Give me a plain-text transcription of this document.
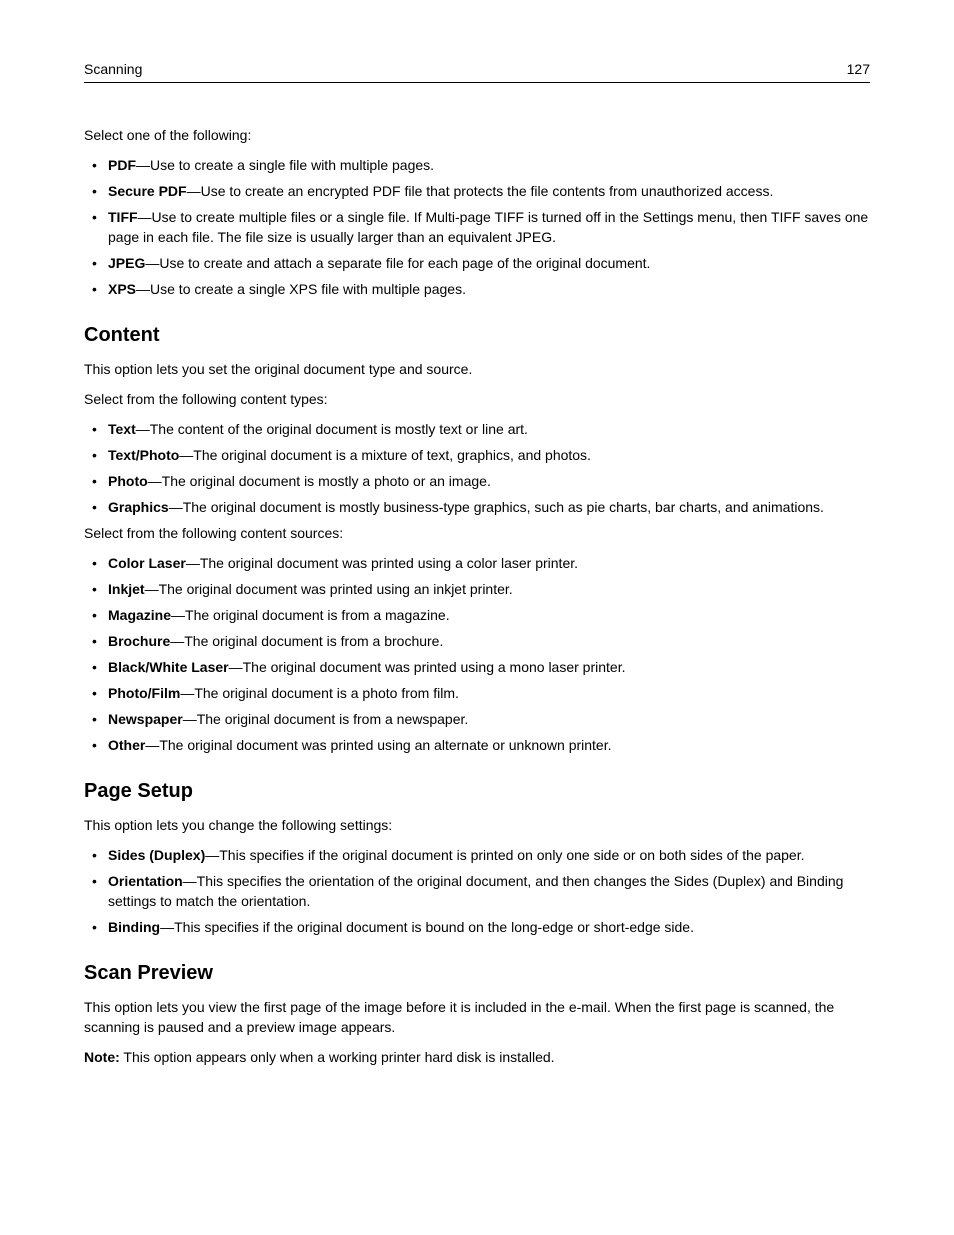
Scanning	127

Select one of the following:

• PDF—Use to create a single file with multiple pages.
• Secure PDF—Use to create an encrypted PDF file that protects the file contents from unauthorized access.
• TIFF—Use to create multiple files or a single file. If Multi-page TIFF is turned off in the Settings menu, then TIFF saves one page in each file. The file size is usually larger than an equivalent JPEG.
• JPEG—Use to create and attach a separate file for each page of the original document.
• XPS—Use to create a single XPS file with multiple pages.
Content

This option lets you set the original document type and source.

Select from the following content types:

• Text—The content of the original document is mostly text or line art.
• Text/Photo—The original document is a mixture of text, graphics, and photos.
• Photo—The original document is mostly a photo or an image.
• Graphics—The original document is mostly business-type graphics, such as pie charts, bar charts, and animations.

Select from the following content sources:

• Color Laser—The original document was printed using a color laser printer.
• Inkjet—The original document was printed using an inkjet printer.
• Magazine—The original document is from a magazine.
• Brochure—The original document is from a brochure.
• Black/White Laser—The original document was printed using a mono laser printer.
• Photo/Film—The original document is a photo from film.
• Newspaper—The original document is from a newspaper.
• Other—The original document was printed using an alternate or unknown printer.
Page Setup

This option lets you change the following settings:

• Sides (Duplex)—This specifies if the original document is printed on only one side or on both sides of the paper.
• Orientation—This specifies the orientation of the original document, and then changes the Sides (Duplex) and Binding settings to match the orientation.
• Binding—This specifies if the original document is bound on the long-edge or short-edge side.
Scan Preview

This option lets you view the first page of the image before it is included in the e-mail. When the first page is scanned, the scanning is paused and a preview image appears.

Note: This option appears only when a working printer hard disk is installed.
